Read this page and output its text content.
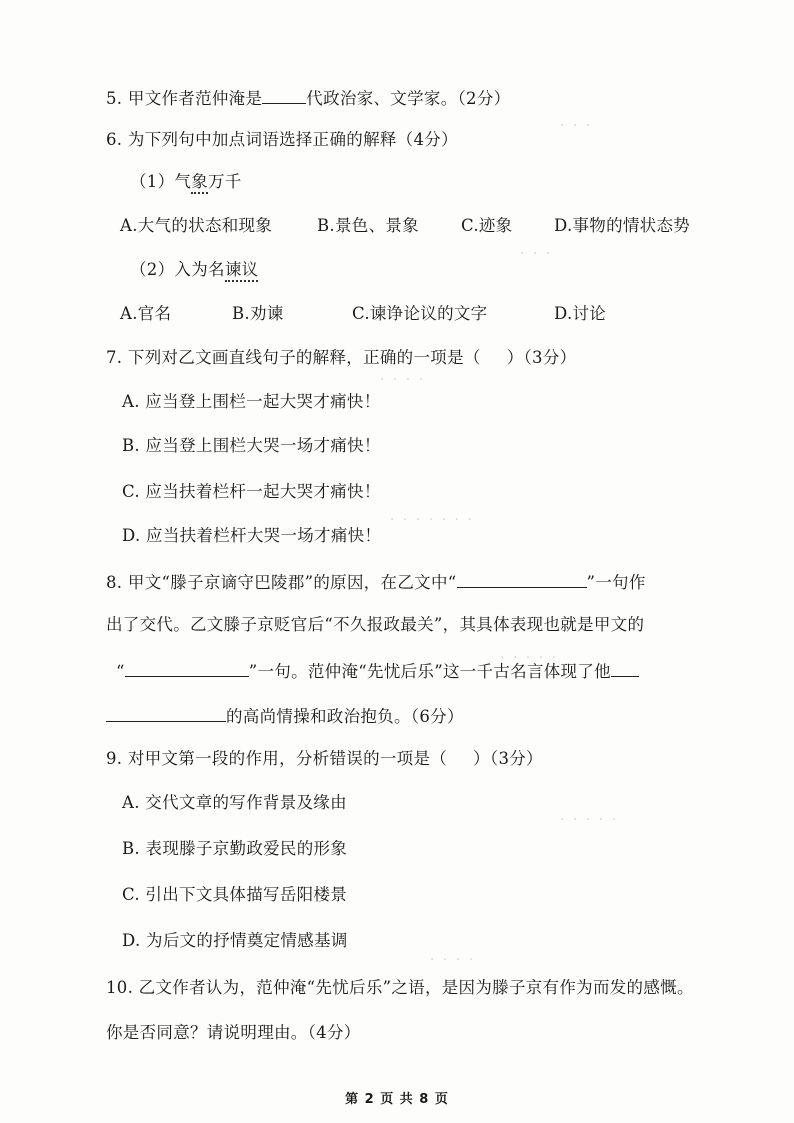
· · ·
· · ·
· · · ·
· · · · · · ·
· · · · ·
· · · · ·
· · · ·
5. 甲文作者范仲淹是	代政治家、文学家。（2分）
6. 为下列句中加点词语选择正确的解释（4分）
（1）气象万千
A.大气的状态和现象	B.景色、景象	C.迹象	D.事物的情状态势
（2）入为名谏议
A.官名	B.劝谏	C.谏诤论议的文字	D.讨论
7. 下列对乙文画直线句子的解释，正确的一项是（ ）（3分）
A. 应当登上围栏一起大哭才痛快！
B. 应当登上围栏大哭一场才痛快！
C. 应当扶着栏杆一起大哭才痛快！
D. 应当扶着栏杆大哭一场才痛快！
8. 甲文“滕子京谪守巴陵郡”的原因，在乙文中“	”一句作
出了交代。乙文滕子京贬官后“不久报政最关”，其具体表现也就是甲文的
“	”一句。范仲淹“先忧后乐”这一千古名言体现了他
的高尚情操和政治抱负。（6分）
9. 对甲文第一段的作用，分析错误的一项是（ ）（3分）
A. 交代文章的写作背景及缘由
B. 表现滕子京勤政爱民的形象
C. 引出下文具体描写岳阳楼景
D. 为后文的抒情奠定情感基调
10. 乙文作者认为，范仲淹“先忧后乐”之语，是因为滕子京有作为而发的感慨。
你是否同意？请说明理由。（4分）
第 2 页 共 8 页
